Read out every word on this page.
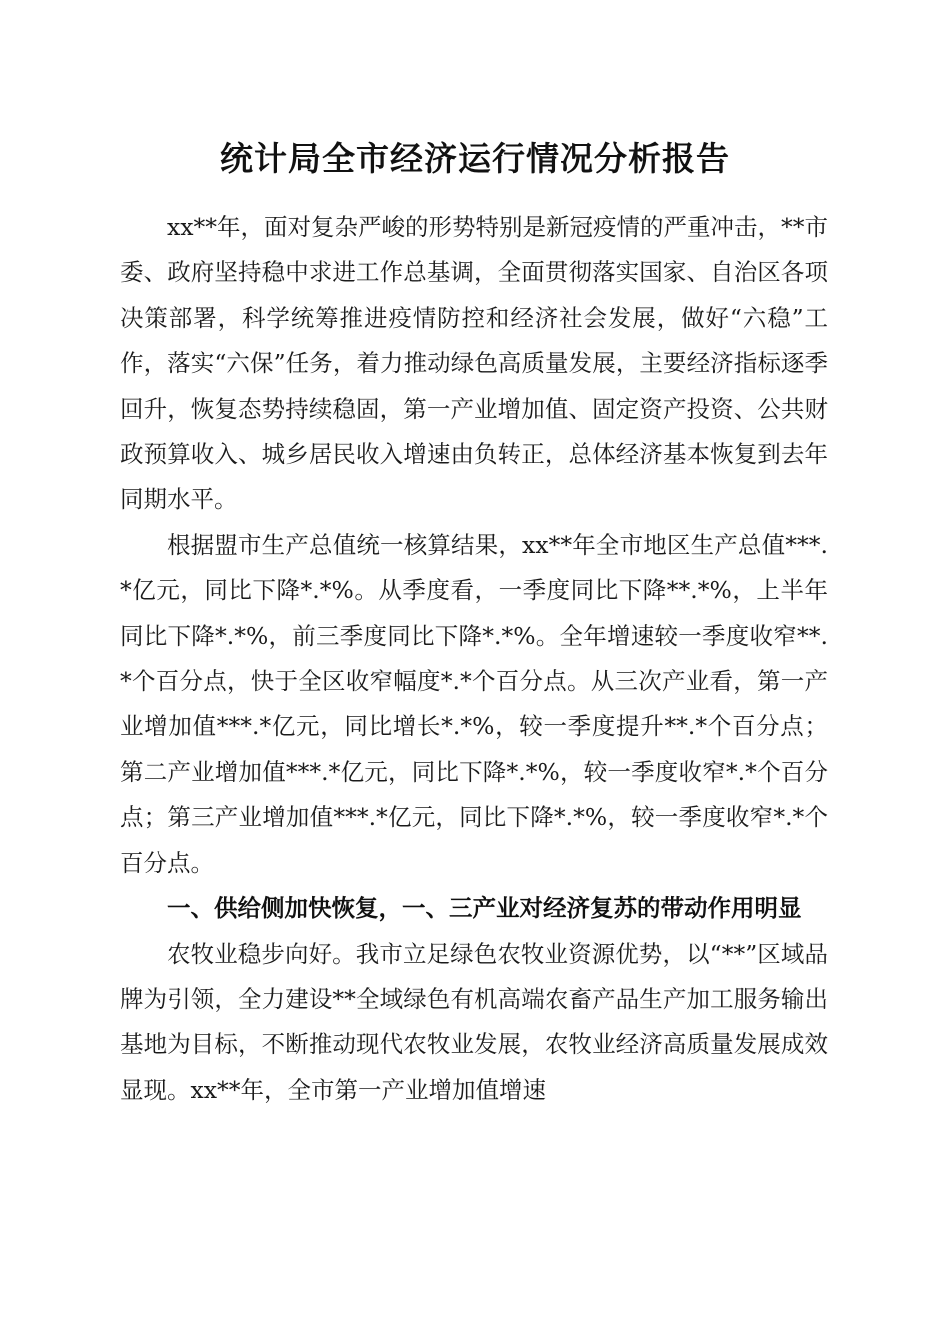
统计局全市经济运行情况分析报告

xx**年，面对复杂严峻的形势特别是新冠疫情的严重冲击，**市委、政府坚持稳中求进工作总基调，全面贯彻落实国家、自治区各项决策部署，科学统筹推进疫情防控和经济社会发展，做好“六稳”工作，落实“六保”任务，着力推动绿色高质量发展，主要经济指标逐季回升，恢复态势持续稳固，第一产业增加值、固定资产投资、公共财政预算收入、城乡居民收入增速由负转正，总体经济基本恢复到去年同期水平。

根据盟市生产总值统一核算结果，xx**年全市地区生产总值***.*亿元，同比下降*.*%。从季度看，一季度同比下降**.*%，上半年同比下降*.*%，前三季度同比下降*.*%。全年增速较一季度收窄**.*个百分点，快于全区收窄幅度*.*个百分点。从三次产业看，第一产业增加值***.*亿元，同比增长*.*%，较一季度提升**.*个百分点；第二产业增加值***.*亿元，同比下降*.*%，较一季度收窄*.*个百分点；第三产业增加值***.*亿元，同比下降*.*%，较一季度收窄*.*个百分点。

一、供给侧加快恢复，一、三产业对经济复苏的带动作用明显

农牧业稳步向好。我市立足绿色农牧业资源优势，以“**”区域品牌为引领，全力建设**全域绿色有机高端农畜产品生产加工服务输出基地为目标，不断推动现代农牧业发展，农牧业经济高质量发展成效显现。xx**年，全市第一产业增加值增速
